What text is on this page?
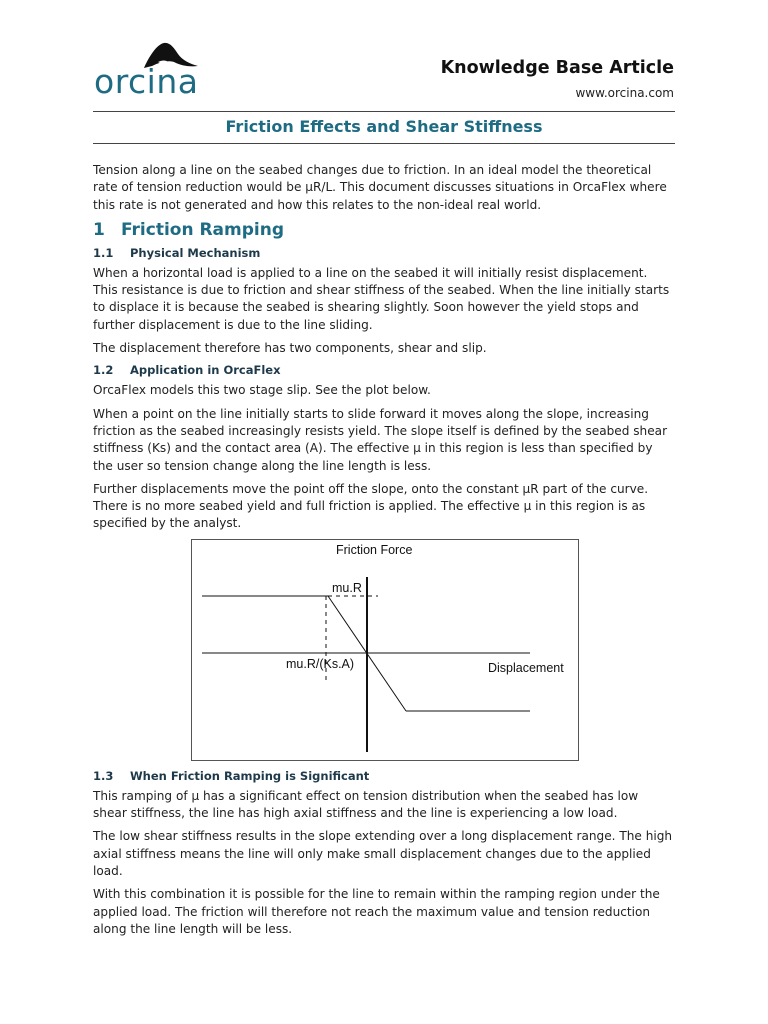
orcina	Knowledge Base Article
www.orcina.com
Friction Effects and Shear Stiffness

Tension along a line on the seabed changes due to friction. In an ideal model the theoretical rate of tension reduction would be μR/L. This document discusses situations in OrcaFlex where this rate is not generated and how this relates to the non-ideal real world.

1 Friction Ramping
1.1 Physical Mechanism

When a horizontal load is applied to a line on the seabed it will initially resist displacement. This resistance is due to friction and shear stiffness of the seabed. When the line initially starts to displace it is because the seabed is shearing slightly. Soon however the yield stops and further displacement is due to the line sliding.

The displacement therefore has two components, shear and slip.

1.2 Application in OrcaFlex

OrcaFlex models this two stage slip. See the plot below.

When a point on the line initially starts to slide forward it moves along the slope, increasing friction as the seabed increasingly resists yield. The slope itself is defined by the seabed shear stiffness (Ks) and the contact area (A). The effective μ in this region is less than specified by the user so tension change along the line length is less.

Further displacements move the point off the slope, onto the constant μR part of the curve. There is no more seabed yield and full friction is applied. The effective μ in this region is as specified by the analyst.

Friction Force
mu.R
mu.R/(Ks.A)	Displacement
1.3 When Friction Ramping is Significant

This ramping of μ has a significant effect on tension distribution when the seabed has low shear stiffness, the line has high axial stiffness and the line is experiencing a low load.

The low shear stiffness results in the slope extending over a long displacement range. The high axial stiffness means the line will only make small displacement changes due to the applied load.

With this combination it is possible for the line to remain within the ramping region under the applied load. The friction will therefore not reach the maximum value and tension reduction along the line length will be less.
